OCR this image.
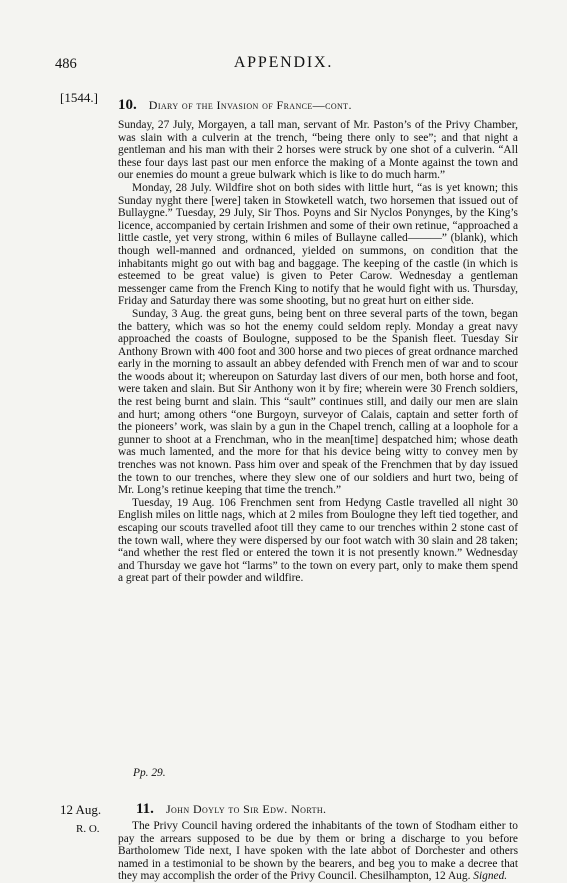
486	APPENDIX.
[1544.] 10. Diary of the Invasion of France—cont.

Sunday, 27 July, Morgayen, a tall man, servant of Mr. Paston’s of the Privy Chamber, was slain with a culverin at the trench, “being there only to see”; and that night a gentleman and his man with their 2 horses were struck by one shot of a culverin. “All these four days last past our men enforce the making of a Monte against the town and our enemies do mount a greue bulwark which is like to do much harm.”

Monday, 28 July. Wildfire shot on both sides with little hurt, “as is yet known; this Sunday nyght there [were] taken in Stowketell watch, two horsemen that issued out of Bullaygne.” Tuesday, 29 July, Sir Thos. Poyns and Sir Nyclos Ponynges, by the King’s licence, accompanied by certain Irishmen and some of their own retinue, “approached a little castle, yet very strong, within 6 miles of Bullayne called———” (blank), which though well-manned and ordnanced, yielded on summons, on condition that the inhabitants might go out with bag and baggage. The keeping of the castle (in which is esteemed to be great value) is given to Peter Carow. Wednesday a gentleman messenger came from the French King to notify that he would fight with us. Thursday, Friday and Saturday there was some shooting, but no great hurt on either side.

Sunday, 3 Aug. the great guns, being bent on three several parts of the town, began the battery, which was so hot the enemy could seldom reply. Monday a great navy approached the coasts of Boulogne, supposed to be the Spanish fleet. Tuesday Sir Anthony Brown with 400 foot and 300 horse and two pieces of great ordnance marched early in the morning to assault an abbey defended with French men of war and to scour the woods about it; whereupon on Saturday last divers of our men, both horse and foot, were taken and slain. But Sir Anthony won it by fire; wherein were 30 French soldiers, the rest being burnt and slain. This “sault” continues still, and daily our men are slain and hurt; among others “one Burgoyn, surveyor of Calais, captain and setter forth of the pioneers’ work, was slain by a gun in the Chapel trench, calling at a loophole for a gunner to shoot at a Frenchman, who in the mean[time] despatched him; whose death was much lamented, and the more for that his device being witty to convey men by trenches was not known. Pass him over and speak of the Frenchmen that by day issued the town to our trenches, where they slew one of our soldiers and hurt two, being of Mr. Long’s retinue keeping that time the trench.”

Tuesday, 19 Aug. 106 Frenchmen sent from Hedyng Castle travelled all night 30 English miles on little nags, which at 2 miles from Boulogne they left tied together, and escaping our scouts travelled afoot till they came to our trenches within 2 stone cast of the town wall, where they were dispersed by our foot watch with 30 slain and 28 taken; “and whether the rest fled or entered the town it is not presently known.” Wednesday and Thursday we gave hot “larms” to the town on every part, only to make them spend a great part of their powder and wildfire.

Pp. 29.
12 Aug.
R. O.
11. John Doyly to Sir Edw. North.

The Privy Council having ordered the inhabitants of the town of Stodham either to pay the arrears supposed to be due by them or bring a discharge to you before Bartholomew Tide next, I have spoken with the late abbot of Dorchester and others named in a testimonial to be shown by the bearers, and beg you to make a decree that they may accomplish the order of the Privy Council. Chesilhampton, 12 Aug. Signed.
